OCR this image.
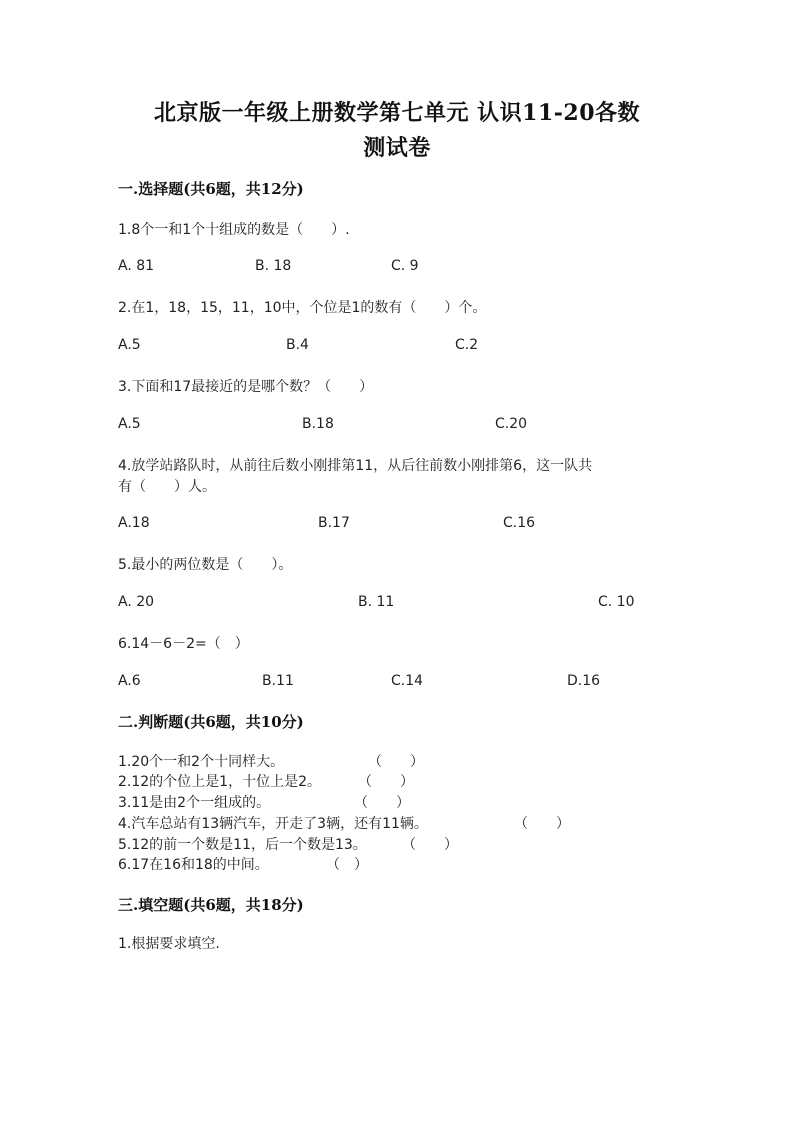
北京版一年级上册数学第七单元 认识11-20各数
测试卷
一.选择题(共6题，共12分)
1.8个一和1个十组成的数是（　　）.
A. 81	B. 18	C. 9
2.在1，18，15，11，10中，个位是1的数有（　　）个。
A.5	B.4	C.2
3.下面和17最接近的是哪个数？（　　）
A.5	B.18	C.20
4.放学站路队时，从前往后数小刚排第11，从后往前数小刚排第6，这一队共
有（　　）人。
A.18	B.17	C.16
5.最小的两位数是（　　）。
A. 20	B. 11	C. 10
6.14－6－2=（　）
A.6	B.11	C.14	D.16
二.判断题(共6题，共10分)
1.20个一和2个十同样大。	（　　）
2.12的个位上是1，十位上是2。	（　　）
3.11是由2个一组成的。	（　　）
4.汽车总站有13辆汽车，开走了3辆，还有11辆。	（　　）
5.12的前一个数是11，后一个数是13。	（　　）
6.17在16和18的中间。	（　）
三.填空题(共6题，共18分)
1.根据要求填空.
